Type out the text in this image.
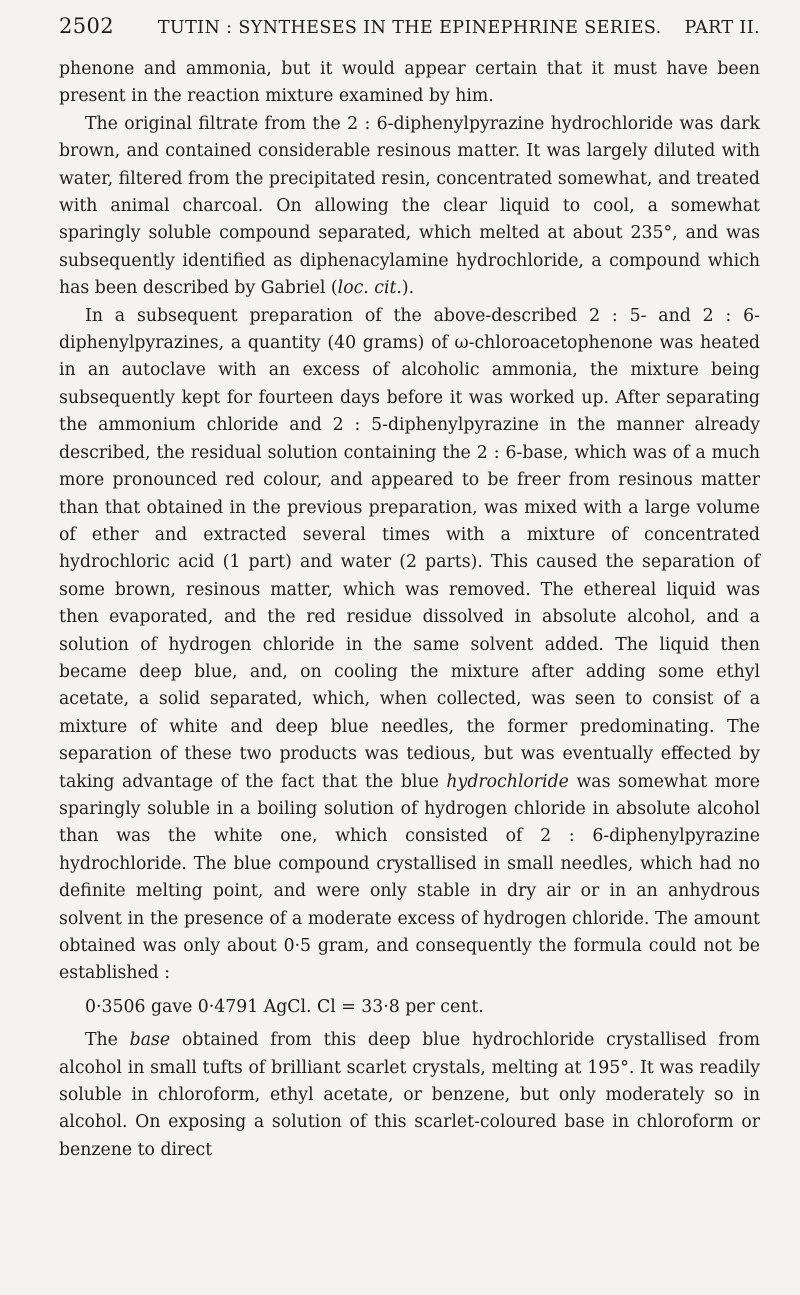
2502	TUTIN : SYNTHESES IN THE EPINEPHRINE SERIES.	PART II.

phenone and ammonia, but it would appear certain that it must have been present in the reaction mixture examined by him.

The original filtrate from the 2 : 6-diphenylpyrazine hydrochloride was dark brown, and contained considerable resinous matter. It was largely diluted with water, filtered from the precipitated resin, concentrated somewhat, and treated with animal charcoal. On allowing the clear liquid to cool, a somewhat sparingly soluble compound separated, which melted at about 235°, and was subsequently identified as diphenacylamine hydrochloride, a compound which has been described by Gabriel (loc. cit.).

In a subsequent preparation of the above-described 2 : 5- and 2 : 6-diphenylpyrazines, a quantity (40 grams) of ω-chloroacetophenone was heated in an autoclave with an excess of alcoholic ammonia, the mixture being subsequently kept for fourteen days before it was worked up. After separating the ammonium chloride and 2 : 5-diphenylpyrazine in the manner already described, the residual solution containing the 2 : 6-base, which was of a much more pronounced red colour, and appeared to be freer from resinous matter than that obtained in the previous preparation, was mixed with a large volume of ether and extracted several times with a mixture of concentrated hydrochloric acid (1 part) and water (2 parts). This caused the separation of some brown, resinous matter, which was removed. The ethereal liquid was then evaporated, and the red residue dissolved in absolute alcohol, and a solution of hydrogen chloride in the same solvent added. The liquid then became deep blue, and, on cooling the mixture after adding some ethyl acetate, a solid separated, which, when collected, was seen to consist of a mixture of white and deep blue needles, the former predominating. The separation of these two products was tedious, but was eventually effected by taking advantage of the fact that the blue hydrochloride was somewhat more sparingly soluble in a boiling solution of hydrogen chloride in absolute alcohol than was the white one, which consisted of 2 : 6-diphenylpyrazine hydrochloride. The blue compound crystallised in small needles, which had no definite melting point, and were only stable in dry air or in an anhydrous solvent in the presence of a moderate excess of hydrogen chloride. The amount obtained was only about 0·5 gram, and consequently the formula could not be established :

0·3506 gave 0·4791 AgCl. Cl = 33·8 per cent.

The base obtained from this deep blue hydrochloride crystallised from alcohol in small tufts of brilliant scarlet crystals, melting at 195°. It was readily soluble in chloroform, ethyl acetate, or benzene, but only moderately so in alcohol. On exposing a solution of this scarlet-coloured base in chloroform or benzene to direct
